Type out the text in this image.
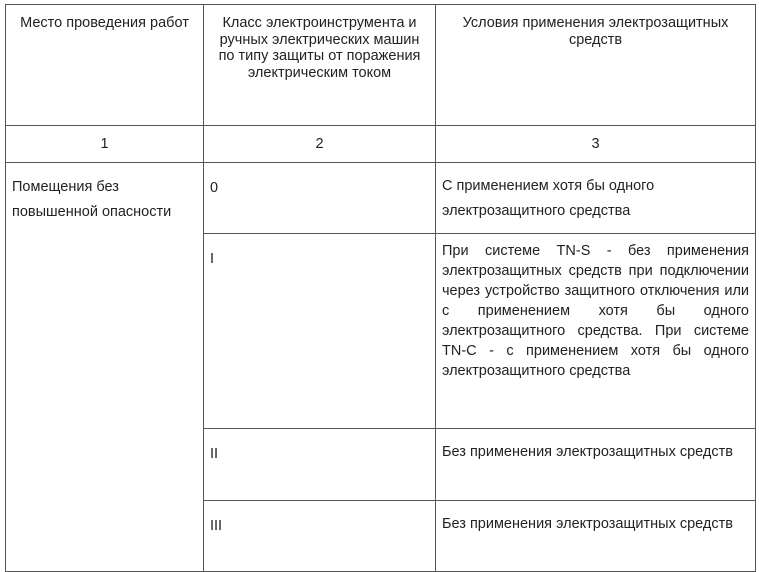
Место проведения работ	Класс электроинструмента и ручных электрических машин по типу защиты от поражения электрическим током	Условия применения электрозащитных средств

1	2	3

Помещения без повышенной опасности	0	С применением хотя бы одного электрозащитного средства

	I	При системе TN-S - без применения электрозащитных средств при подключении через устройство защитного отключения или с применением хотя бы одного электрозащитного средства. При системе TN-C - с применением хотя бы одного электрозащитного средства

	II	Без применения электрозащитных средств

	III	Без применения электрозащитных средств
